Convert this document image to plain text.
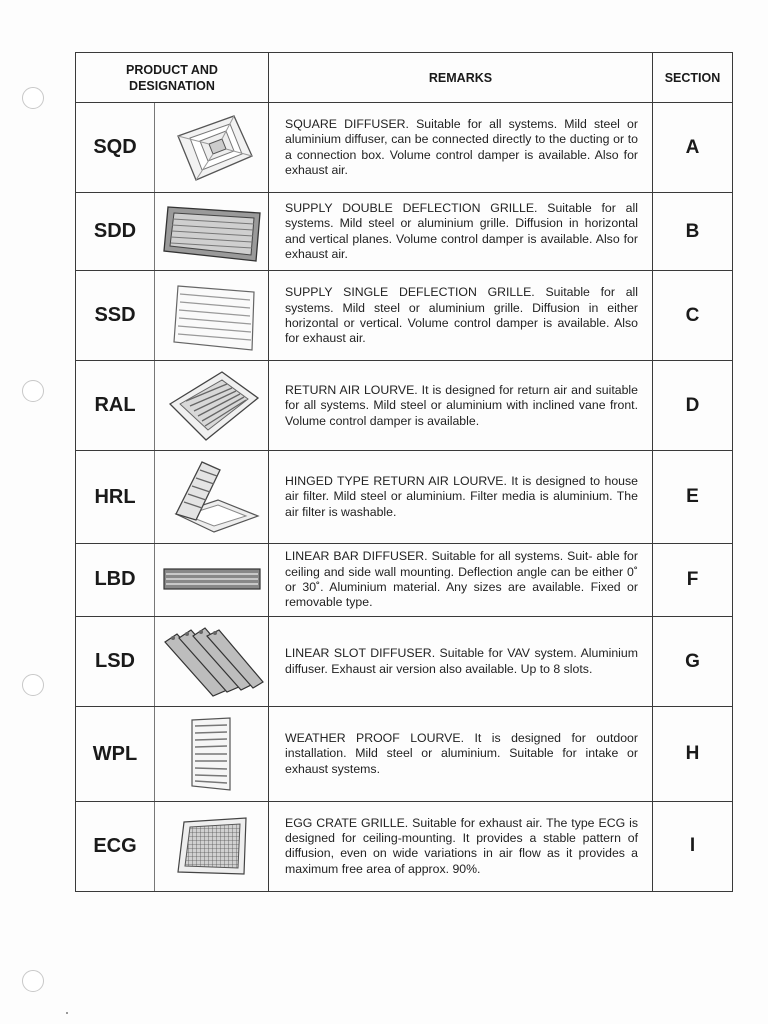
PRODUCT AND
DESIGNATION		REMARKS	SECTION
SQD		SQUARE DIFFUSER. Suitable for all systems. Mild steel or aluminium diffuser, can be connected directly to the ducting or to a connection box. Volume control damper is available. Also for exhaust air.	A
SDD		SUPPLY DOUBLE DEFLECTION GRILLE. Suitable for all systems. Mild steel or aluminium grille. Diffusion in horizontal and vertical planes. Volume control damper is available. Also for exhaust air.	B
SSD		SUPPLY SINGLE DEFLECTION GRILLE. Suitable for all systems. Mild steel or aluminium grille. Diffusion in either horizontal or vertical. Volume control damper is available. Also for exhaust air.	C
RAL		RETURN AIR LOURVE. It is designed for return air and suitable for all systems. Mild steel or aluminium with inclined vane front. Volume control damper is available.	D
HRL		HINGED TYPE RETURN AIR LOURVE. It is designed to house air filter. Mild steel or aluminium. Filter media is aluminium. The air filter is washable.	E
LBD		LINEAR BAR DIFFUSER. Suitable for all systems. Suit- able for ceiling and side wall mounting. Deflection angle can be either 0˚ or 30˚. Aluminium material. Any sizes are available. Fixed or removable type.	F
LSD		LINEAR SLOT DIFFUSER. Suitable for VAV system. Aluminium diffuser. Exhaust air version also available. Up to 8 slots.	G
WPL		WEATHER PROOF LOURVE. It is designed for outdoor installation. Mild steel or aluminium. Suitable for intake or exhaust systems.	H
ECG		EGG CRATE GRILLE. Suitable for exhaust air. The type ECG is designed for ceiling-mounting. It provides a stable pattern of diffusion, even on wide variations in air flow as it provides a maximum free area of approx. 90%.	I
